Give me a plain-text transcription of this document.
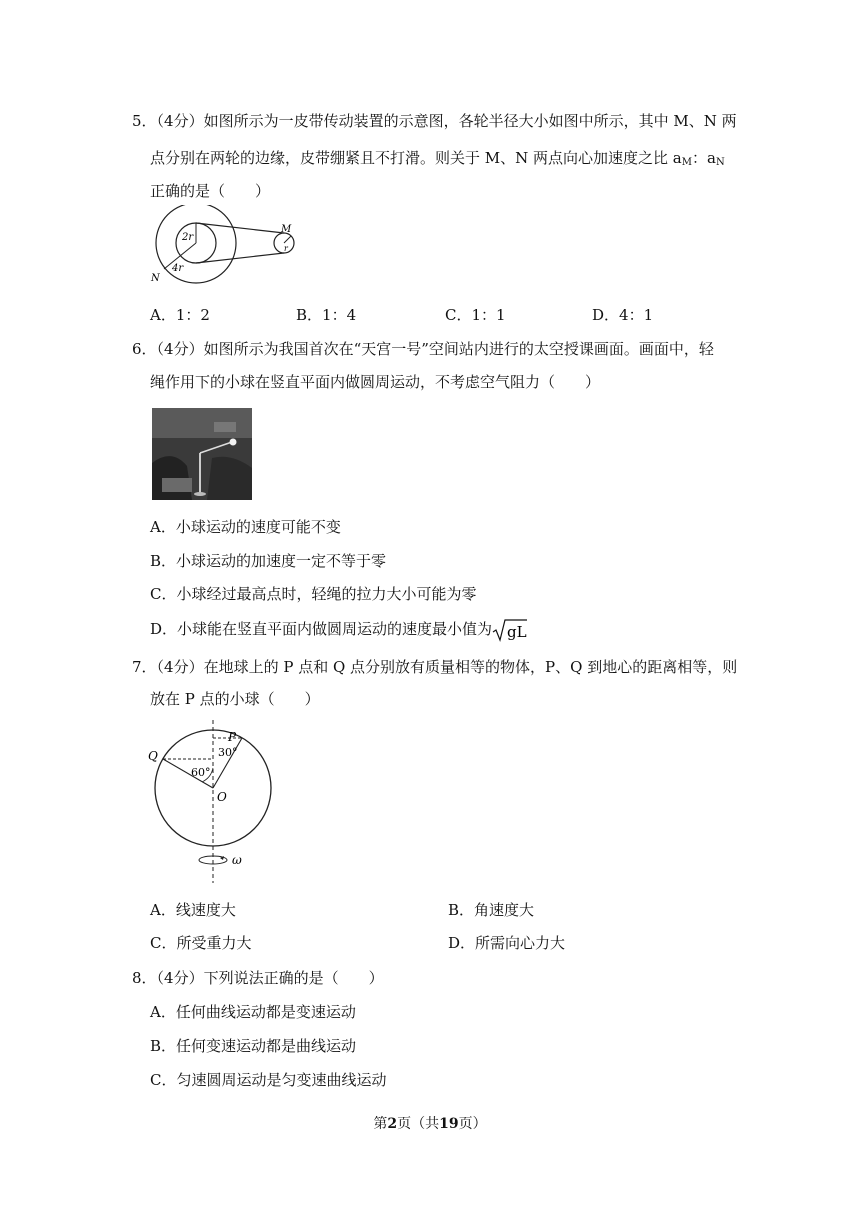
5．（4分）如图所示为一皮带传动装置的示意图，各轮半径大小如图中所示，其中 M、N 两
点分别在两轮的边缘，皮带绷紧且不打滑。则关于 M、N 两点向心加速度之比 $a_M$：$a_N$
正确的是（　　）
2r
4r
M
r
N
A．1：2	B．1：4	C．1：1	D．4：1
6．（4分）如图所示为我国首次在“天宫一号”空间站内进行的太空授课画面。画面中，轻
绳作用下的小球在竖直平面内做圆周运动，不考虑空气阻力（　　）
A．小球运动的速度可能不变
B．小球运动的加速度一定不等于零
C．小球经过最高点时，轻绳的拉力大小可能为零
D．小球能在竖直平面内做圆周运动的速度最小值为 gL
7．（4分）在地球上的 P 点和 Q 点分别放有质量相等的物体，P、Q 到地心的距离相等，则
放在 P 点的小球（　　）
P
Q
O
30°
60°
ω
A．线速度大	B．角速度大
C．所受重力大	D．所需向心力大
8．（4分）下列说法正确的是（　　）
A．任何曲线运动都是变速运动
B．任何变速运动都是曲线运动
C．匀速圆周运动是匀变速曲线运动
第2页（共19页）
